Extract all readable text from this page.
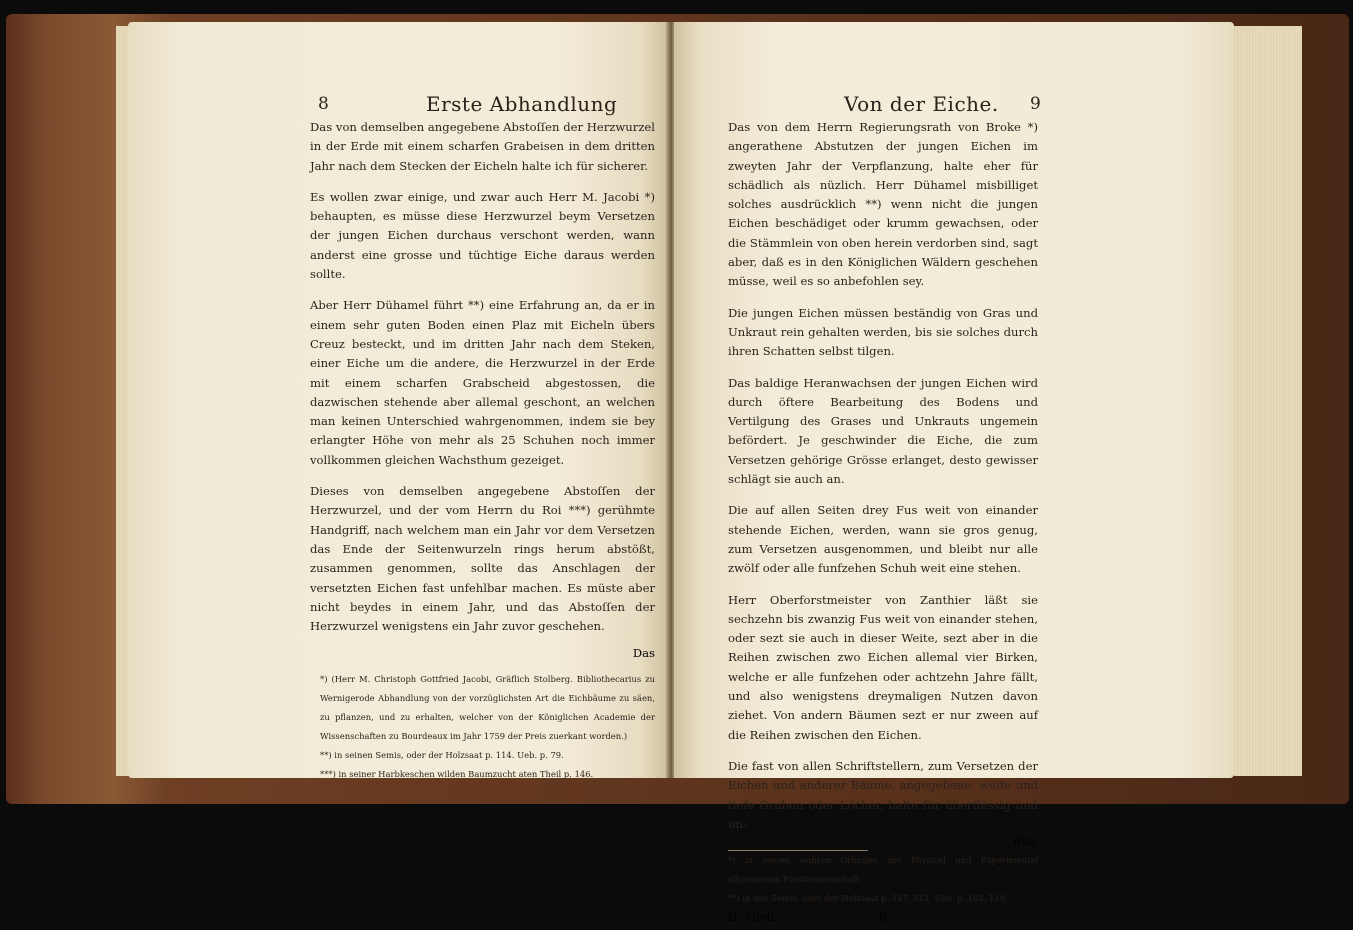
8	Erste Abhandlung	Von der Eiche. 9

Das von demselben angegebene Abstoſſen der Herzwurzel in der Erde mit einem scharfen Grabeisen in dem dritten Jahr nach dem Stecken der Eicheln halte ich für sicherer.

Es wollen zwar einige, und zwar auch Herr M. Jacobi *) behaupten, es müsse diese Herzwurzel beym Versetzen der jungen Eichen durchaus verschont werden, wann anderst eine grosse und tüchtige Eiche daraus werden sollte.

Aber Herr Dühamel führt **) eine Erfahrung an, da er in einem sehr guten Boden einen Plaz mit Eicheln übers Creuz besteckt, und im dritten Jahr nach dem Steken, einer Eiche um die andere, die Herzwurzel in der Erde mit einem scharfen Grabscheid abgestossen, die dazwischen stehende aber allemal geschont, an welchen man keinen Unterschied wahrgenommen, indem sie bey erlangter Höhe von mehr als 25 Schuhen noch immer vollkommen gleichen Wachsthum gezeiget.

Dieses von demselben angegebene Abstoſſen der Herzwurzel, und der vom Herrn du Roi ***) gerühmte Handgriff, nach welchem man ein Jahr vor dem Versetzen das Ende der Seitenwurzeln rings herum abstößt, zusammen genommen, sollte das Anschlagen der versetzten Eichen fast unfehlbar machen. Es müste aber nicht beydes in einem Jahr, und das Abstoſſen der Herzwurzel wenigstens ein Jahr zuvor geschehen.

Das

*) (Herr M. Christoph Gottfried Jacobi, Gräflich Stolberg. Bibliothecarius zu Wernigerode Abhandlung von der vorzüglichsten Art die Eichbäume zu säen, zu pflanzen, und zu erhalten, welcher von der Königlichen Academie der Wissenschaften zu Bourdeaux im Jahr 1759 der Preis zuerkant worden.)

**) in seinen Semis, oder der Holzsaat p. 114. Ueb. p. 79.

***) in seiner Harbkeschen wilden Baumzucht aten Theil p. 146.

Das von dem Herrn Regierungsrath von Broke *) angerathene Abstutzen der jungen Eichen im zweyten Jahr der Verpflanzung, halte eher für schädlich als nüzlich. Herr Dühamel misbilliget solches ausdrücklich **) wenn nicht die jungen Eichen beschädiget oder krumm gewachsen, oder die Stämmlein von oben herein verdorben sind, sagt aber, daß es in den Königlichen Wäldern geschehen müsse, weil es so anbefohlen sey.

Die jungen Eichen müssen beständig von Gras und Unkraut rein gehalten werden, bis sie solches durch ihren Schatten selbst tilgen.

Das baldige Heranwachsen der jungen Eichen wird durch öftere Bearbeitung des Bodens und Vertilgung des Grases und Unkrauts ungemein befördert. Je geschwinder die Eiche, die zum Versetzen gehörige Grösse erlanget, desto gewisser schlägt sie auch an.

Die auf allen Seiten drey Fus weit von einander stehende Eichen, werden, wann sie gros genug, zum Versetzen ausgenommen, und bleibt nur alle zwölf oder alle funfzehen Schuh weit eine stehen.

Herr Oberforstmeister von Zanthier läßt sie sechzehn bis zwanzig Fus weit von einander stehen, oder sezt sie auch in dieser Weite, sezt aber in die Reihen zwischen zwo Eichen allemal vier Birken, welche er alle funfzehen oder achtzehn Jahre fällt, und also wenigstens dreymaligen Nutzen davon ziehet. Von andern Bäumen sezt er nur zween auf die Reihen zwischen den Eichen.

Die fast von allen Schriftstellern, zum Versetzen der Eichen und anderer Bäume, angegebene, weite und tiefe Gruben oder Löcher, halte für überflüssig und un-

nüz,

*) in seinen wahren Gründen der Physical und Experimental allgemeinen Forstwissenschaft.

**) in den Semis, oder der Holzsaat p. 147, 312. Ueb. p. 102, 119.

II. Theil.	B
